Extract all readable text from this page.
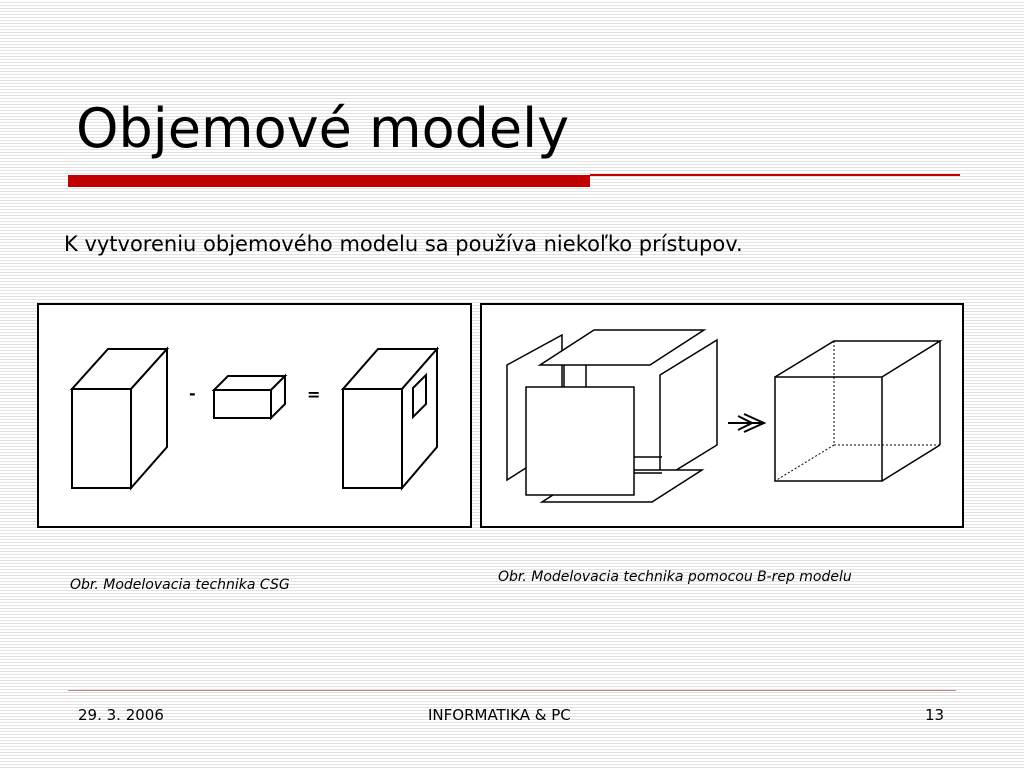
Objemové modely

K vytvoreniu objemového modelu sa používa niekoľko prístupov.

-	=
Obr. Modelovacia technika CSG	Obr. Modelovacia technika pomocou B-rep modelu
29. 3. 2006	INFORMATIKA & PC	13
